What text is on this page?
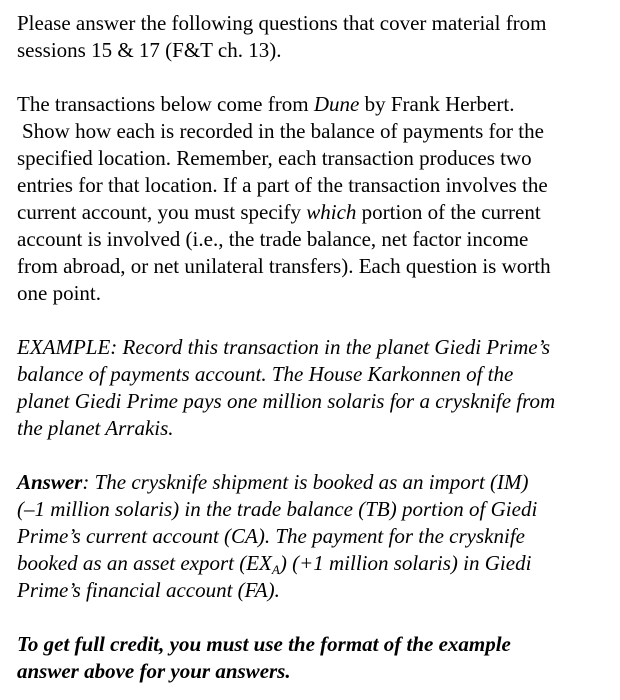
Please answer the following questions that cover material from
sessions 15 & 17 (F&T ch. 13).

The transactions below come from Dune by Frank Herbert.
Show how each is recorded in the balance of payments for the
specified location. Remember, each transaction produces two
entries for that location. If a part of the transaction involves the
current account, you must specify which portion of the current
account is involved (i.e., the trade balance, net factor income
from abroad, or net unilateral transfers). Each question is worth
one point.

EXAMPLE: Record this transaction in the planet Giedi Prime’s
balance of payments account. The House Karkonnen of the
planet Giedi Prime pays one million solaris for a crysknife from
the planet Arrakis.

Answer: The crysknife shipment is booked as an import (IM)
(–1 million solaris) in the trade balance (TB) portion of Giedi
Prime’s current account (CA). The payment for the crysknife
booked as an asset export $(EX_A)$ (+1 million solaris) in Giedi
Prime’s financial account (FA).

To get full credit, you must use the format of the example
answer above for your answers.
